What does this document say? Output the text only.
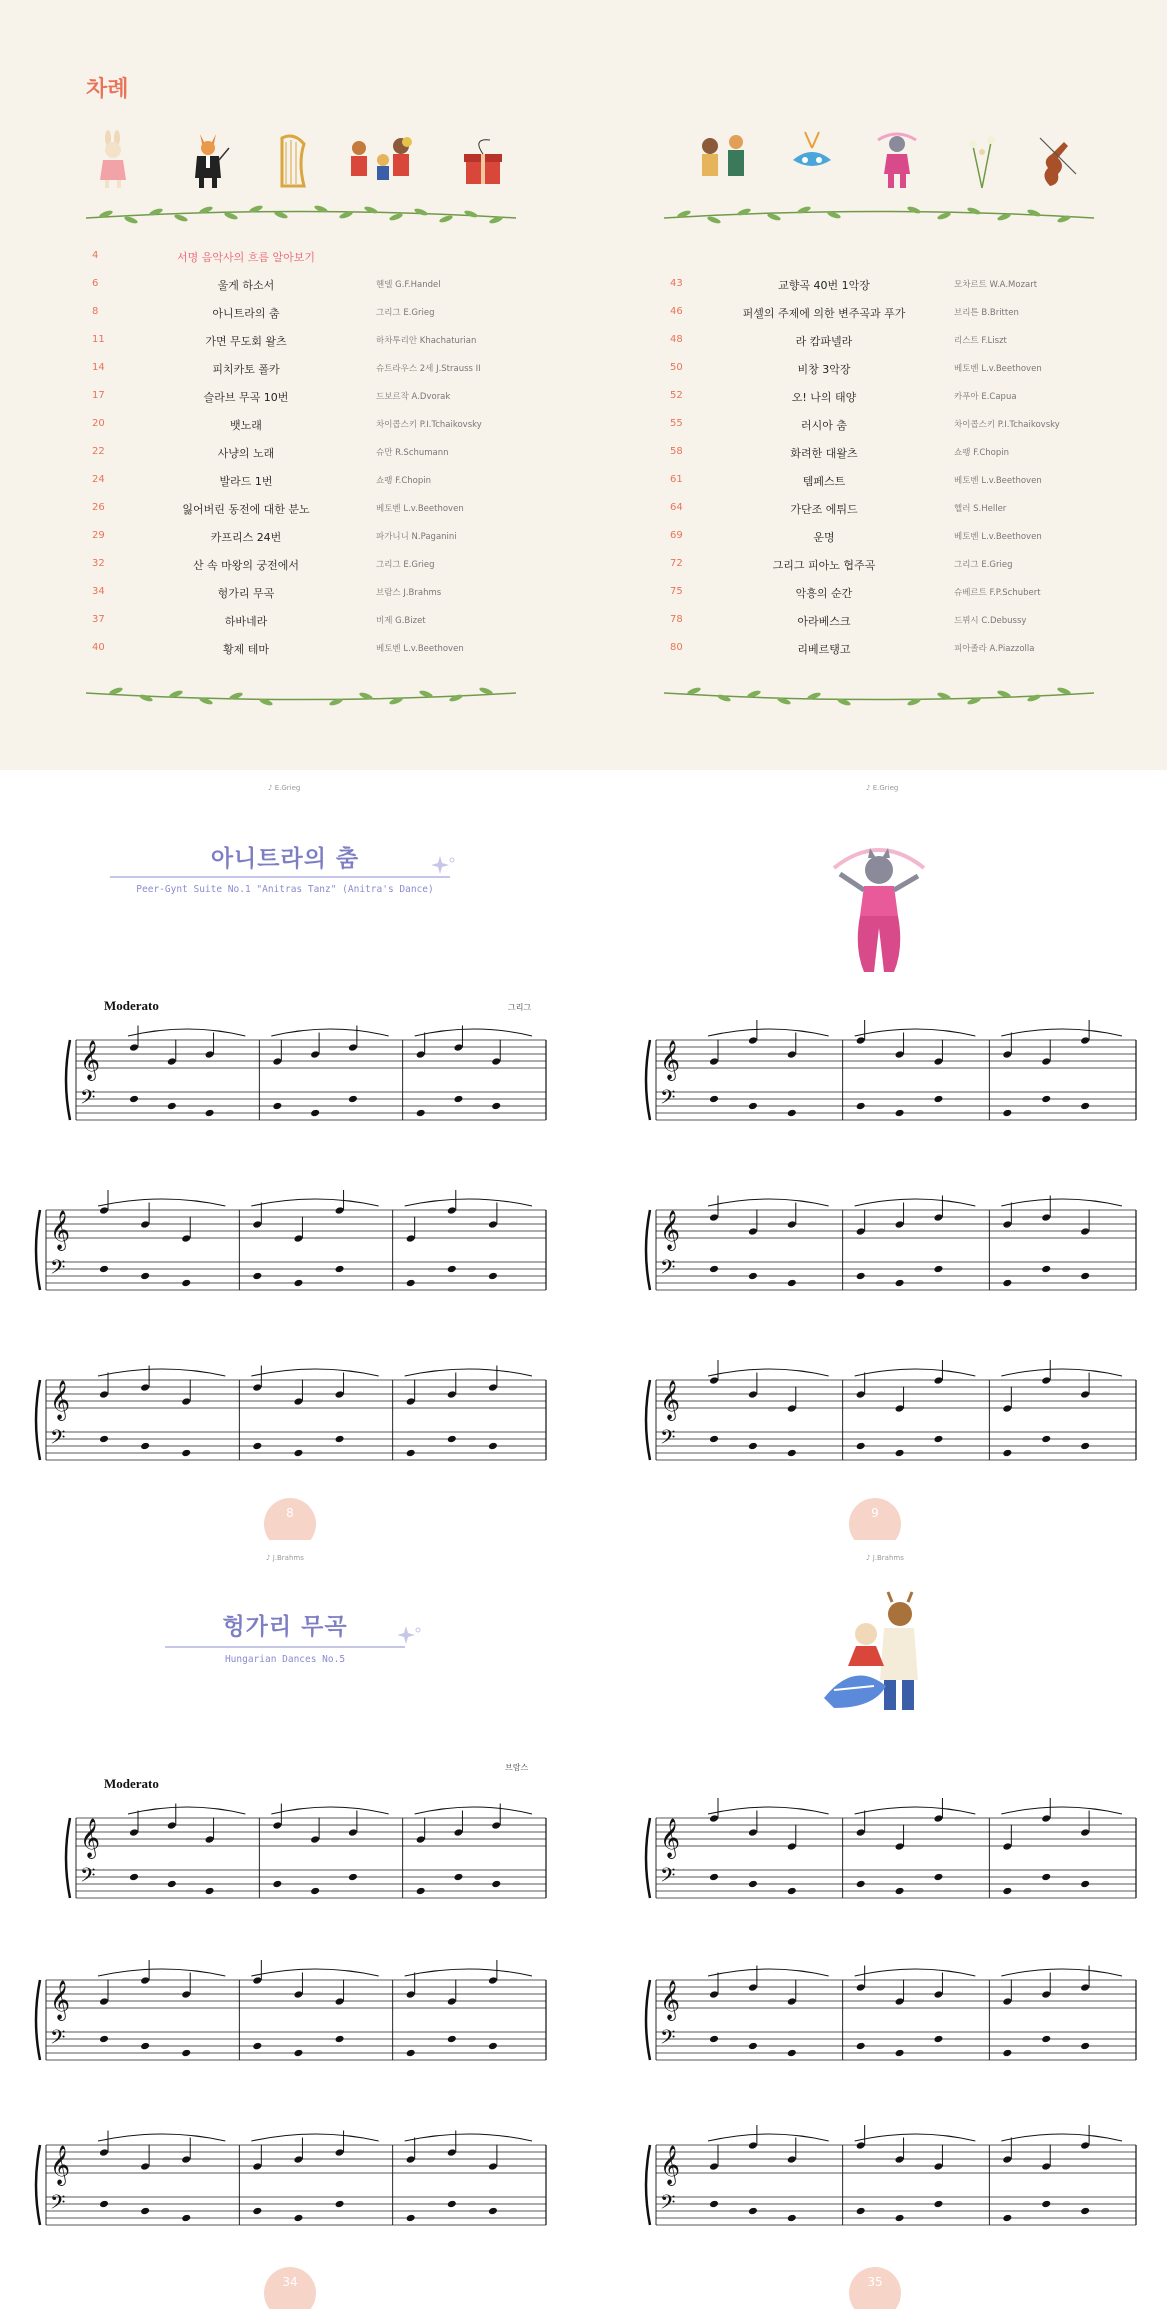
차례
4	서명 음악사의 흐름 알아보기
6	울게 하소서	헨델 G.F.Handel
8	아니트라의 춤	그리그 E.Grieg
11	가면 무도회 왈츠	하차투리안 Khachaturian
14	피치카토 폴카	슈트라우스 2세 J.Strauss II
17	슬라브 무곡 10번	드보르작 A.Dvorak
20	뱃노래	차이콥스키 P.I.Tchaikovsky
22	사냥의 노래	슈만 R.Schumann
24	발라드 1번	쇼팽 F.Chopin
26	잃어버린 동전에 대한 분노	베토벤 L.v.Beethoven
29	카프리스 24번	파가니니 N.Paganini
32	산 속 마왕의 궁전에서	그리그 E.Grieg
34	헝가리 무곡	브람스 J.Brahms
37	하바네라	비제 G.Bizet
40	황제 테마	베토벤 L.v.Beethoven
43	교향곡 40번 1악장	모차르트 W.A.Mozart
46	퍼셀의 주제에 의한 변주곡과 푸가	브리튼 B.Britten
48	라 캄파넬라	리스트 F.Liszt
50	비창 3악장	베토벤 L.v.Beethoven
52	오! 나의 태양	카푸아 E.Capua
55	러시아 춤	차이콥스키 P.I.Tchaikovsky
58	화려한 대왈츠	쇼팽 F.Chopin
61	템페스트	베토벤 L.v.Beethoven
64	가단조 에튀드	헬러 S.Heller
69	운명	베토벤 L.v.Beethoven
72	그리그 피아노 협주곡	그리그 E.Grieg
75	악흥의 순간	슈베르트 F.P.Schubert
78	아라베스크	드뷔시 C.Debussy
80	리베르탱고	피아졸라 A.Piazzolla
♪ E.Grieg
아니트라의 춤
Peer-Gynt Suite No.1 "Anitras Tanz" (Anitra's Dance)
Moderato	그리그
𝄞
𝄢
𝄞
𝄢
𝄞
𝄢
8
♪ E.Grieg
𝄞
𝄢
𝄞
𝄢
𝄞
𝄢
9
♪ J.Brahms
헝가리 무곡
Hungarian Dances No.5
Moderato
브람스
𝄞
𝄢
𝄞
𝄢
𝄞
𝄢
34
♪ J.Brahms
𝄞
𝄢
𝄞
𝄢
𝄞
𝄢
35
